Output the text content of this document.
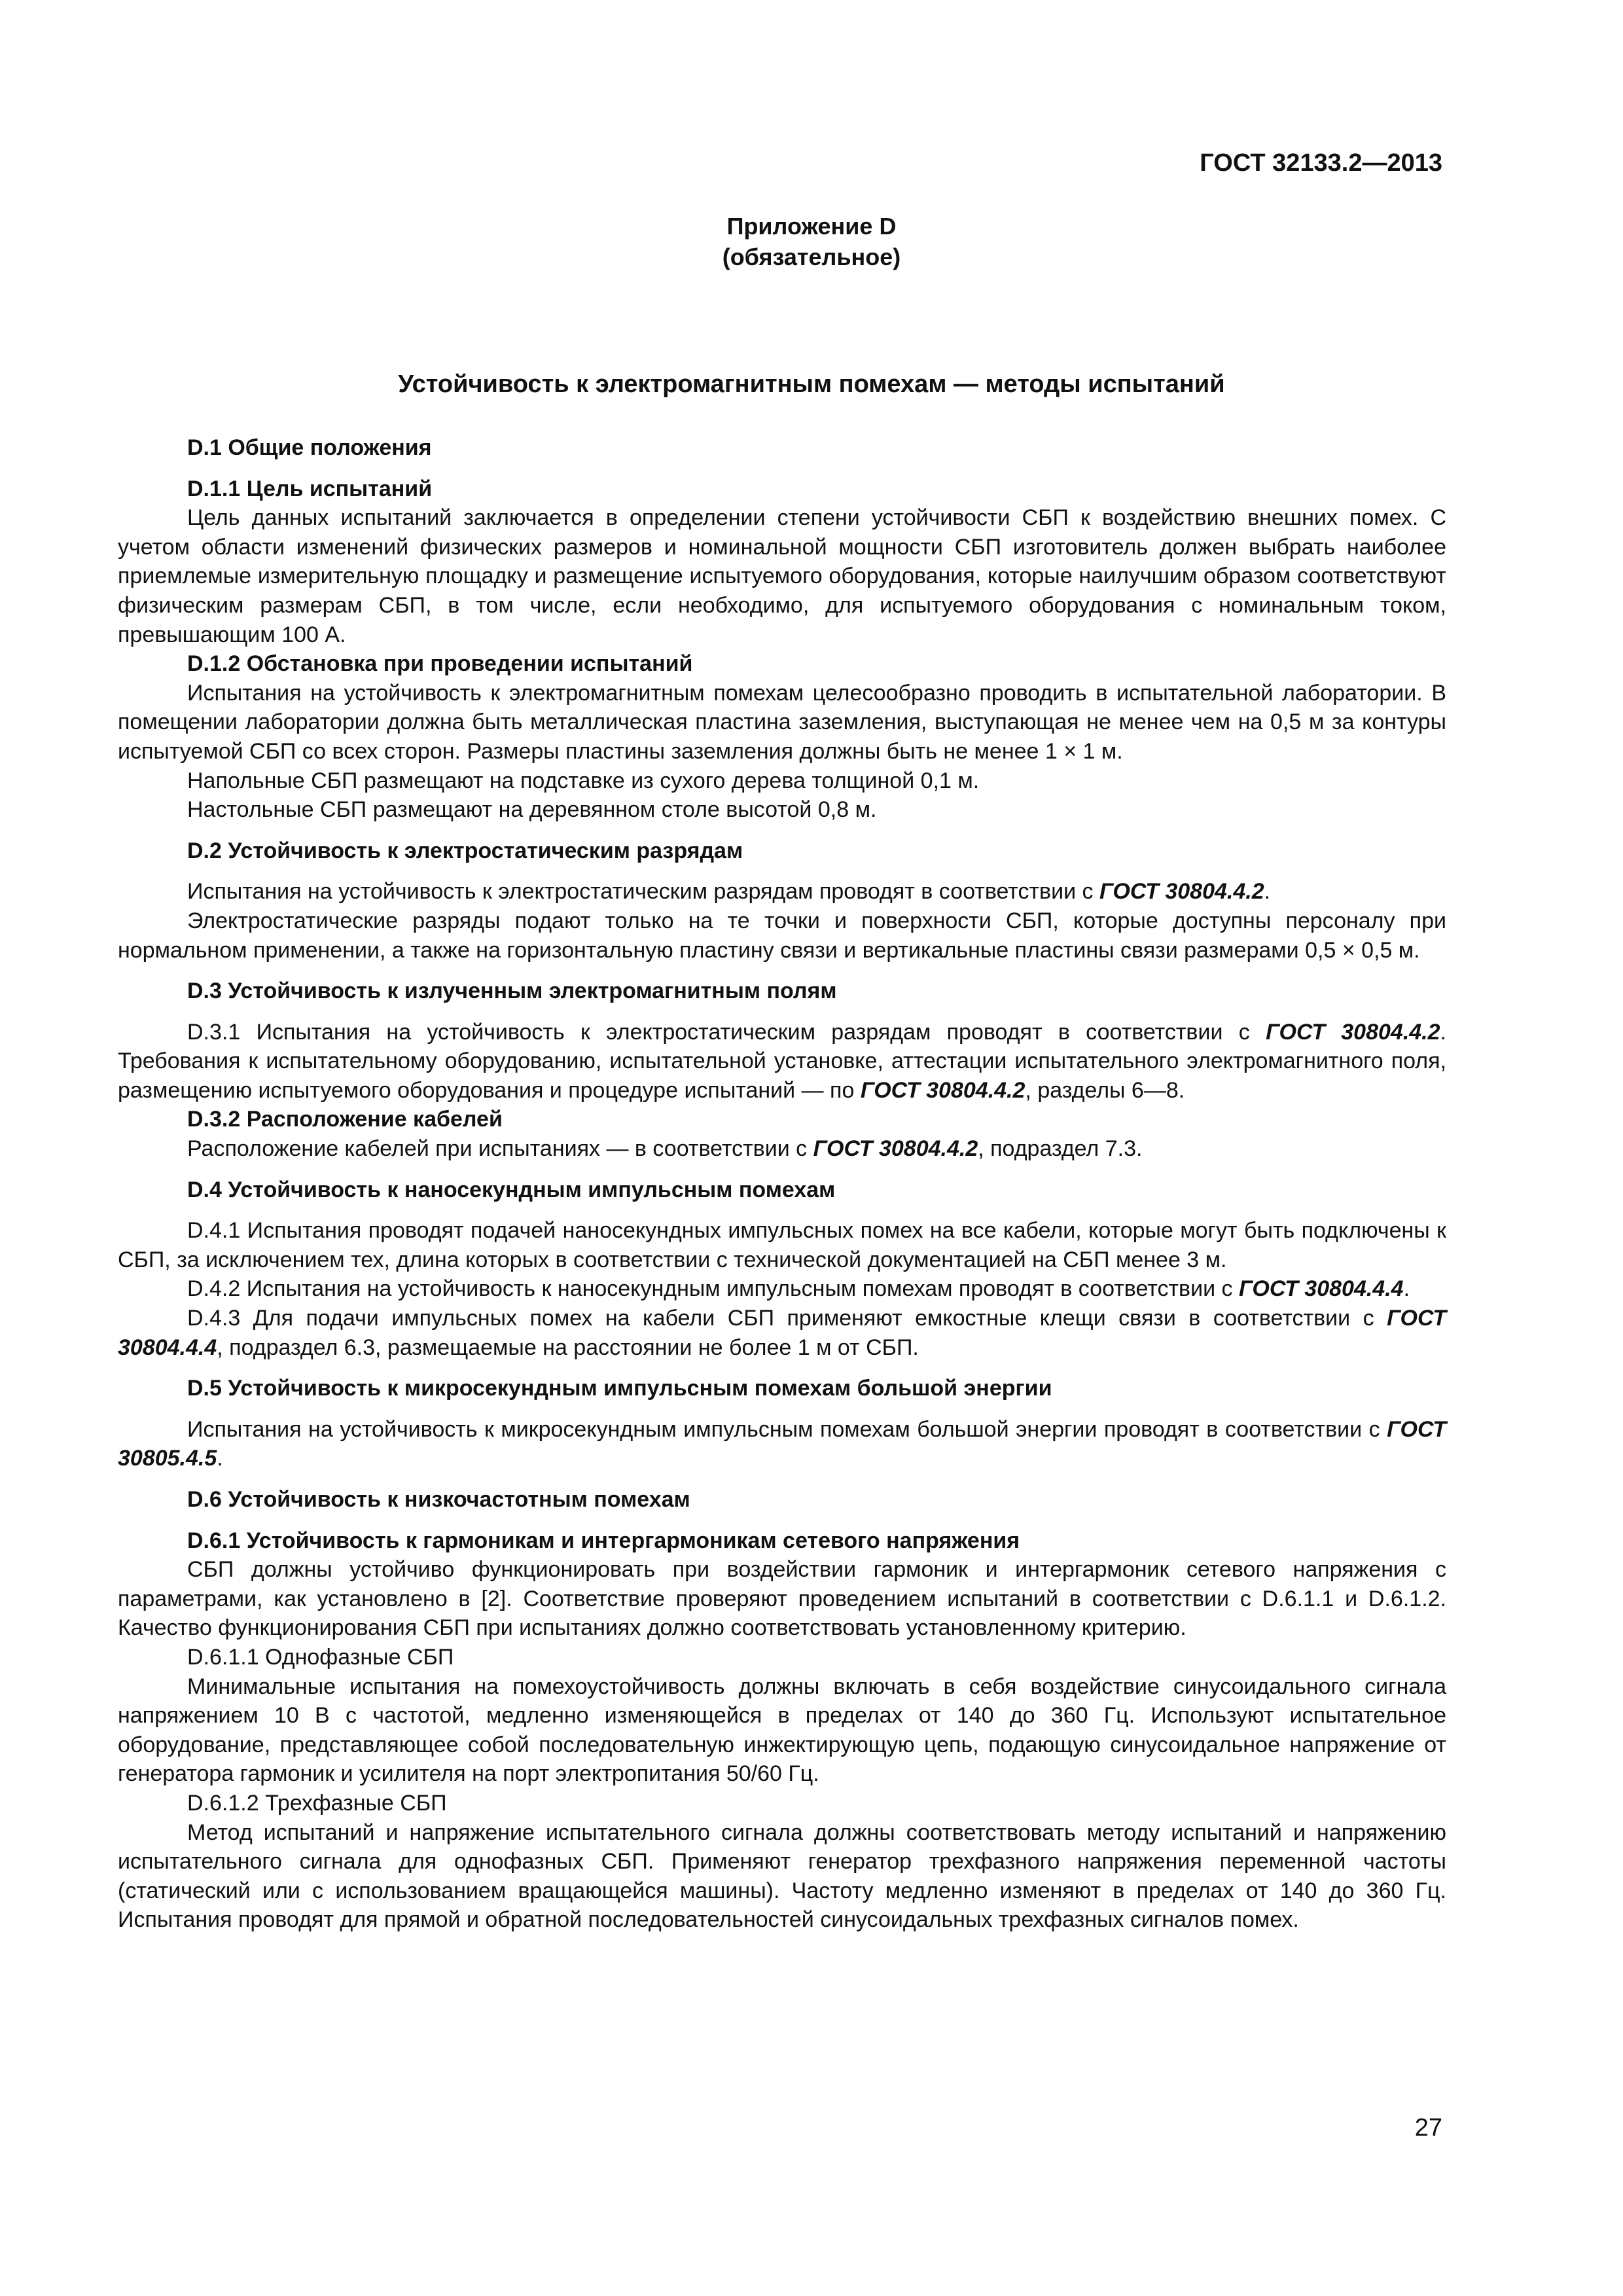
ГОСТ 32133.2—2013
Приложение D
(обязательное)
Устойчивость к электромагнитным помехам — методы испытаний

D.1 Общие положения

D.1.1 Цель испытаний

Цель данных испытаний заключается в определении степени устойчивости СБП к воздействию внешних помех. С учетом области изменений физических размеров и номинальной мощности СБП изготовитель должен выбрать наиболее приемлемые измерительную площадку и размещение испытуемого оборудования, которые наилучшим образом соответствуют физическим размерам СБП, в том числе, если необходимо, для испытуемого оборудования с номинальным током, превышающим 100 А.

D.1.2 Обстановка при проведении испытаний

Испытания на устойчивость к электромагнитным помехам целесообразно проводить в испытательной лаборатории. В помещении лаборатории должна быть металлическая пластина заземления, выступающая не менее чем на 0,5 м за контуры испытуемой СБП со всех сторон. Размеры пластины заземления должны быть не менее 1 × 1 м.

Напольные СБП размещают на подставке из сухого дерева толщиной 0,1 м.

Настольные СБП размещают на деревянном столе высотой 0,8 м.

D.2 Устойчивость к электростатическим разрядам

Испытания на устойчивость к электростатическим разрядам проводят в соответствии с ГОСТ 30804.4.2.

Электростатические разряды подают только на те точки и поверхности СБП, которые доступны персоналу при нормальном применении, а также на горизонтальную пластину связи и вертикальные пластины связи размерами 0,5 × 0,5 м.

D.3 Устойчивость к излученным электромагнитным полям

D.3.1 Испытания на устойчивость к электростатическим разрядам проводят в соответствии с ГОСТ 30804.4.2. Требования к испытательному оборудованию, испытательной установке, аттестации испытательного электромагнитного поля, размещению испытуемого оборудования и процедуре испытаний — по ГОСТ 30804.4.2, разделы 6—8.

D.3.2 Расположение кабелей

Расположение кабелей при испытаниях — в соответствии с ГОСТ 30804.4.2, подраздел 7.3.

D.4 Устойчивость к наносекундным импульсным помехам

D.4.1 Испытания проводят подачей наносекундных импульсных помех на все кабели, которые могут быть подключены к СБП, за исключением тех, длина которых в соответствии с технической документацией на СБП менее 3 м.

D.4.2 Испытания на устойчивость к наносекундным импульсным помехам проводят в соответствии с ГОСТ 30804.4.4.

D.4.3 Для подачи импульсных помех на кабели СБП применяют емкостные клещи связи в соответствии с ГОСТ 30804.4.4, подраздел 6.3, размещаемые на расстоянии не более 1 м от СБП.

D.5 Устойчивость к микросекундным импульсным помехам большой энергии

Испытания на устойчивость к микросекундным импульсным помехам большой энергии проводят в соответствии с ГОСТ 30805.4.5.

D.6 Устойчивость к низкочастотным помехам

D.6.1 Устойчивость к гармоникам и интергармоникам сетевого напряжения

СБП должны устойчиво функционировать при воздействии гармоник и интергармоник сетевого напряжения с параметрами, как установлено в [2]. Соответствие проверяют проведением испытаний в соответствии с D.6.1.1 и D.6.1.2. Качество функционирования СБП при испытаниях должно соответствовать установленному критерию.

D.6.1.1 Однофазные СБП

Минимальные испытания на помехоустойчивость должны включать в себя воздействие синусоидального сигнала напряжением 10 В с частотой, медленно изменяющейся в пределах от 140 до 360 Гц. Используют испытательное оборудование, представляющее собой последовательную инжектирующую цепь, подающую синусоидальное напряжение от генератора гармоник и усилителя на порт электропитания 50/60 Гц.

D.6.1.2 Трехфазные СБП

Метод испытаний и напряжение испытательного сигнала должны соответствовать методу испытаний и напряжению испытательного сигнала для однофазных СБП. Применяют генератор трехфазного напряжения переменной частоты (статический или с использованием вращающейся машины). Частоту медленно изменяют в пределах от 140 до 360 Гц. Испытания проводят для прямой и обратной последовательностей синусоидальных трехфазных сигналов помех.

27
